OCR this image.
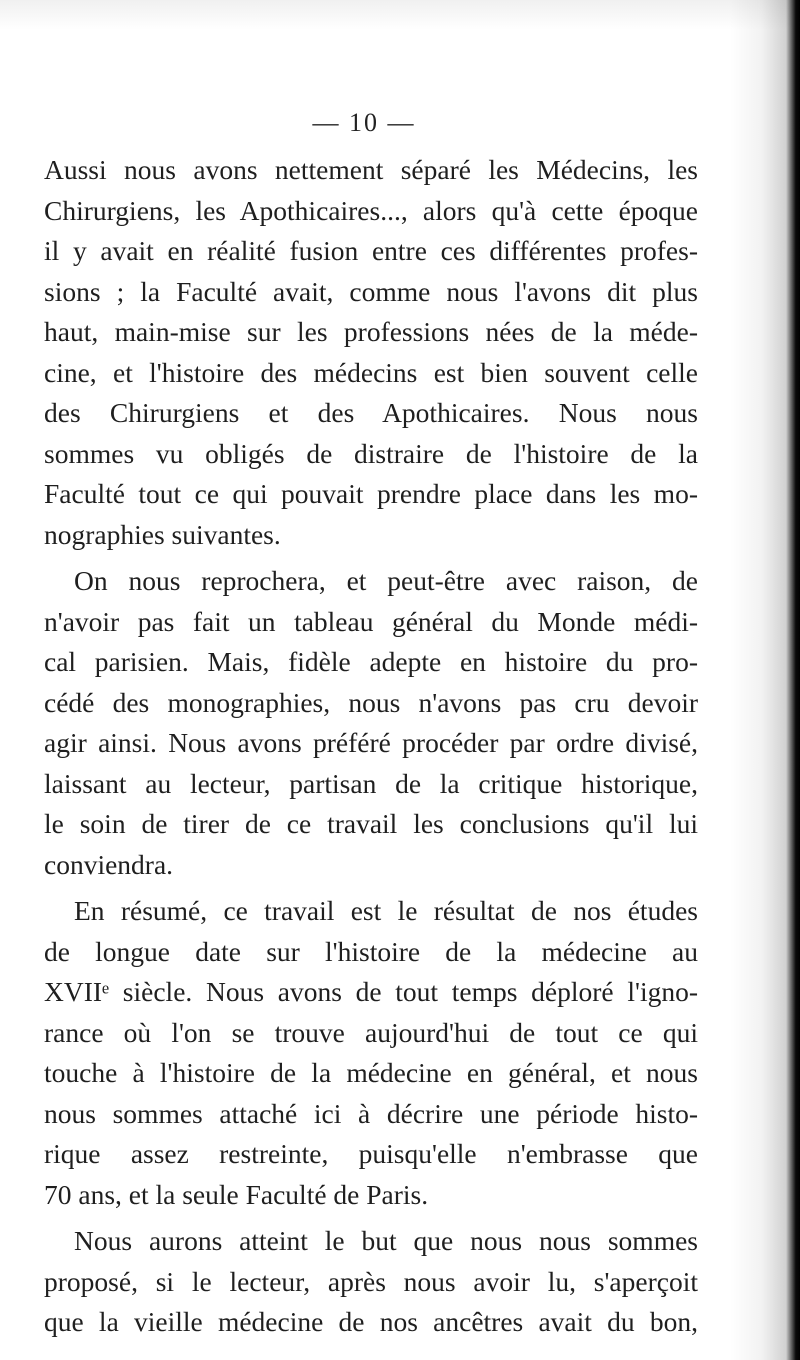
— 10 —
Aussi nous avons nettement séparé les Médecins, les
Chirurgiens, les Apothicaires..., alors qu'à cette époque
il y avait en réalité fusion entre ces différentes profes-
sions ; la Faculté avait, comme nous l'avons dit plus
haut, main-mise sur les professions nées de la méde-
cine, et l'histoire des médecins est bien souvent celle
des Chirurgiens et des Apothicaires. Nous nous
sommes vu obligés de distraire de l'histoire de la
Faculté tout ce qui pouvait prendre place dans les mo-
nographies suivantes.
On nous reprochera, et peut-être avec raison, de
n'avoir pas fait un tableau général du Monde médi-
cal parisien. Mais, fidèle adepte en histoire du pro-
cédé des monographies, nous n'avons pas cru devoir
agir ainsi. Nous avons préféré procéder par ordre divisé,
laissant au lecteur, partisan de la critique historique,
le soin de tirer de ce travail les conclusions qu'il lui
conviendra.
En résumé, ce travail est le résultat de nos études
de longue date sur l'histoire de la médecine au
XVIIᵉ siècle. Nous avons de tout temps déploré l'igno-
rance où l'on se trouve aujourd'hui de tout ce qui
touche à l'histoire de la médecine en général, et nous
nous sommes attaché ici à décrire une période histo-
rique assez restreinte, puisqu'elle n'embrasse que
70 ans, et la seule Faculté de Paris.
Nous aurons atteint le but que nous nous sommes
proposé, si le lecteur, après nous avoir lu, s'aperçoit
que la vieille médecine de nos ancêtres avait du bon,
